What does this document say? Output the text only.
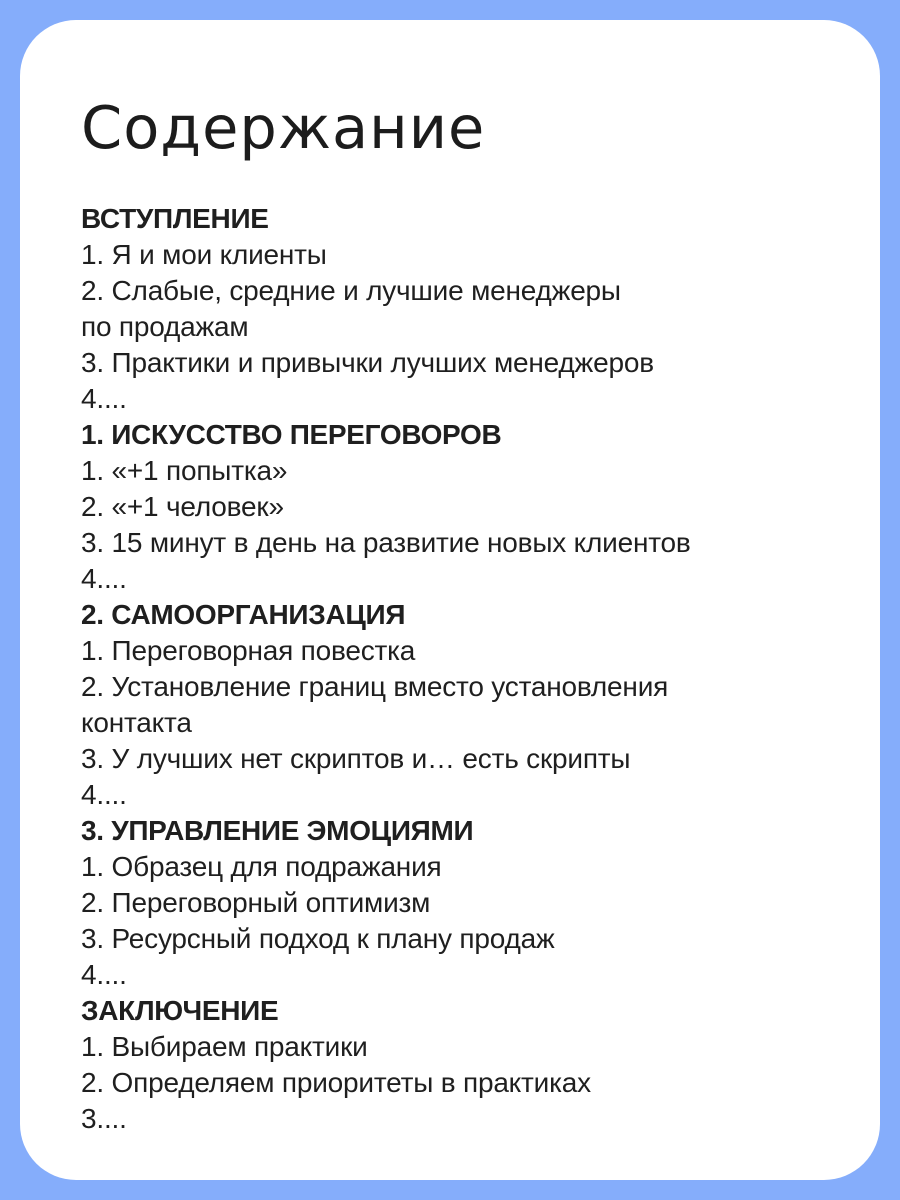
Содержание
ВСТУПЛЕНИЕ
1. Я и мои клиенты
2. Слабые, средние и лучшие менеджеры
по продажам
3. Практики и привычки лучших менеджеров
4....
1. ИСКУССТВО ПЕРЕГОВОРОВ
1. «+1 попытка»
2. «+1 человек»
3. 15 минут в день на развитие новых клиентов
4....
2. САМООРГАНИЗАЦИЯ
1. Переговорная повестка
2. Установление границ вместо установления
контакта
3. У лучших нет скриптов и… есть скрипты
4....
3. УПРАВЛЕНИЕ ЭМОЦИЯМИ
1. Образец для подражания
2. Переговорный оптимизм
3. Ресурсный подход к плану продаж
4....
ЗАКЛЮЧЕНИЕ
1. Выбираем практики
2. Определяем приоритеты в практиках
3....
